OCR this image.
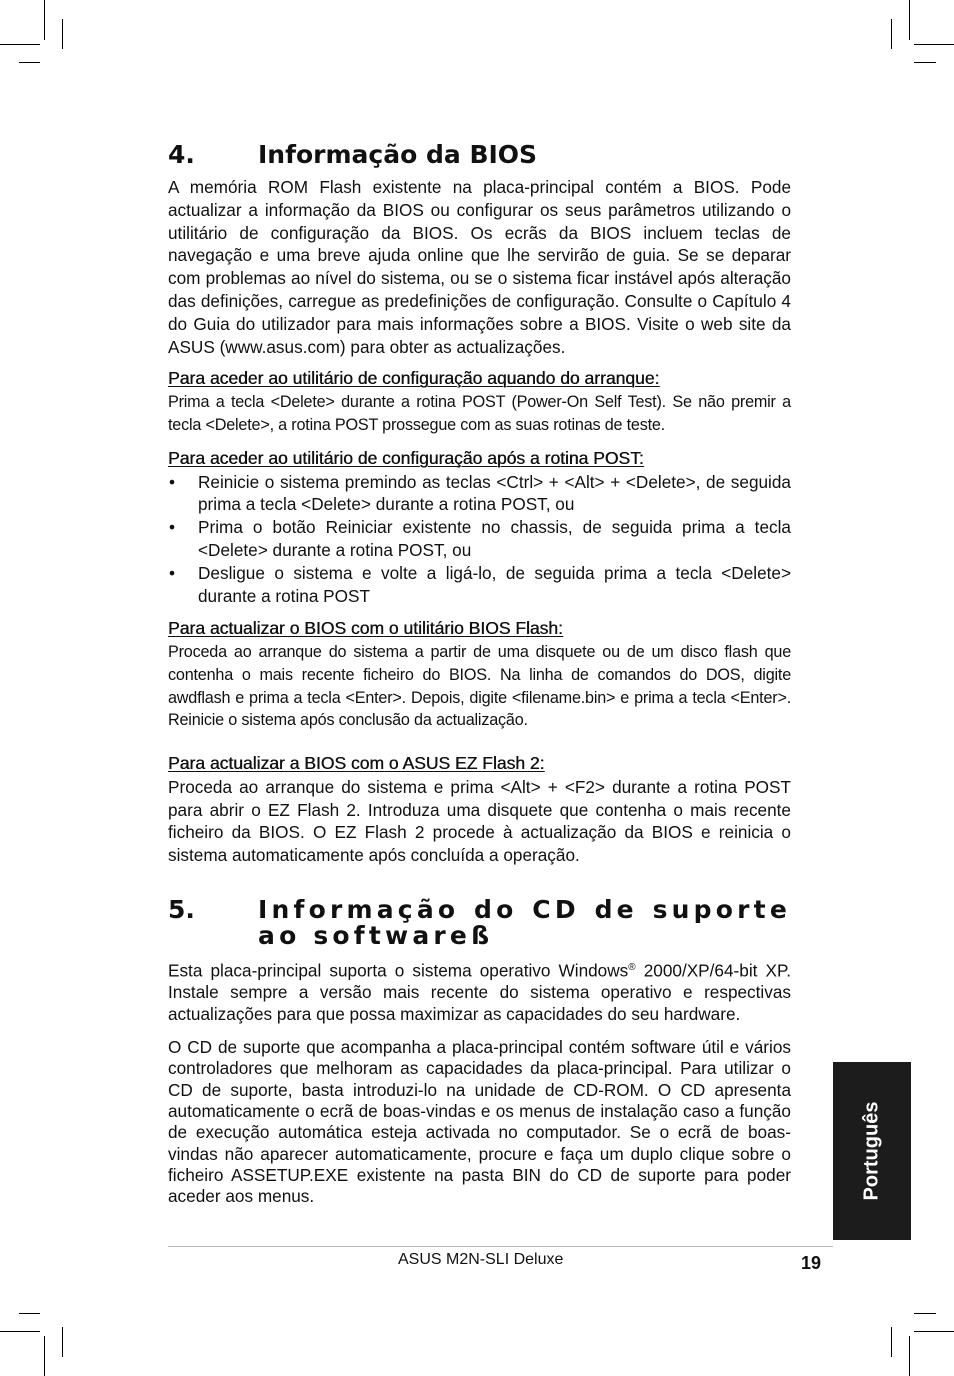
4.	Informação da BIOS

A memória ROM Flash existente na placa-principal contém a BIOS. Pode actualizar a informação da BIOS ou configurar os seus parâmetros utilizando o utilitário de configuração da BIOS. Os ecrãs da BIOS incluem teclas de navegação e uma breve ajuda online que lhe servirão de guia. Se se deparar com problemas ao nível do sistema, ou se o sistema ficar instável após alteração das definições, carregue as predefinições de configuração. Consulte o Capítulo 4 do Guia do utilizador para mais informações sobre a BIOS. Visite o web site da ASUS (www.asus.com) para obter as actualizações.

Para aceder ao utilitário de configuração aquando do arranque:

Prima a tecla <Delete> durante a rotina POST (Power-On Self Test). Se não premir a tecla <Delete>, a rotina POST prossegue com as suas rotinas de teste.

Para aceder ao utilitário de configuração após a rotina POST:
• Reinicie o sistema premindo as teclas <Ctrl> + <Alt> + <Delete>, de seguida prima a tecla <Delete> durante a rotina POST, ou
• Prima o botão Reiniciar existente no chassis, de seguida prima a tecla <Delete> durante a rotina POST, ou
• Desligue o sistema e volte a ligá-lo, de seguida prima a tecla <Delete> durante a rotina POST
Para actualizar o BIOS com o utilitário BIOS Flash:

Proceda ao arranque do sistema a partir de uma disquete ou de um disco flash que contenha o mais recente ficheiro do BIOS. Na linha de comandos do DOS, digite awdflash e prima a tecla <Enter>. Depois, digite <filename.bin> e prima a tecla <Enter>. Reinicie o sistema após conclusão da actualização.

Para actualizar a BIOS com o ASUS EZ Flash 2:

Proceda ao arranque do sistema e prima <Alt> + <F2> durante a rotina POST para abrir o EZ Flash 2. Introduza uma disquete que contenha o mais recente ficheiro da BIOS. O EZ Flash 2 procede à actualização da BIOS e reinicia o sistema automaticamente após concluída a operação.

5.	Informação do CD de suporte ao softwareß

Esta placa-principal suporta o sistema operativo Windows® 2000/XP/64-bit XP. Instale sempre a versão mais recente do sistema operativo e respectivas actualizações para que possa maximizar as capacidades do seu hardware.

O CD de suporte que acompanha a placa-principal contém software útil e vários controladores que melhoram as capacidades da placa-principal. Para utilizar o CD de suporte, basta introduzi-lo na unidade de CD-ROM. O CD apresenta automaticamente o ecrã de boas-vindas e os menus de instalação caso a função de execução automática esteja activada no computador. Se o ecrã de boas-vindas não aparecer automaticamente, procure e faça um duplo clique sobre o ficheiro ASSETUP.EXE existente na pasta BIN do CD de suporte para poder aceder aos menus.

ASUS M2N-SLI Deluxe	19
Português
